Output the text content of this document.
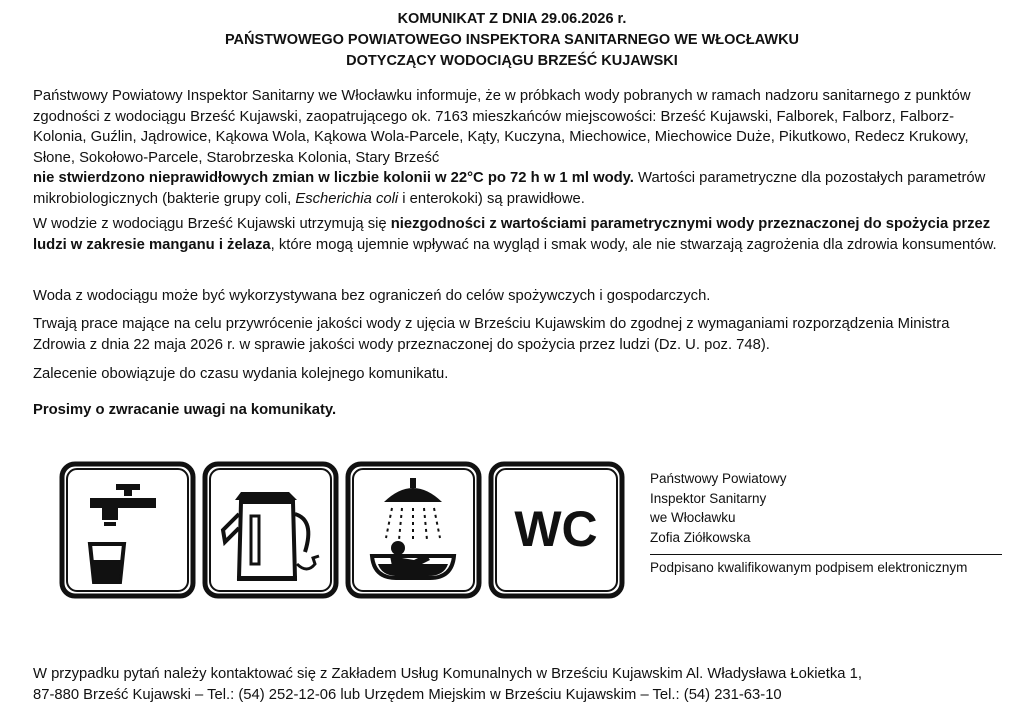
KOMUNIKAT Z DNIA 29.06.2026 r.
PAŃSTWOWEGO POWIATOWEGO INSPEKTORA SANITARNEGO WE WŁOCŁAWKU
DOTYCZĄCY WODOCIĄGU BRZEŚĆ KUJAWSKI

Państwowy Powiatowy Inspektor Sanitarny we Włocławku informuje, że w próbkach wody pobranych w ramach nadzoru sanitarnego z punktów zgodności z wodociągu Brześć Kujawski, zaopatrującego ok. 7163 mieszkańców miejscowości: Brześć Kujawski, Falborek, Falborz, Falborz-Kolonia, Guźlin, Jądrowice, Kąkowa Wola, Kąkowa Wola-Parcele, Kąty, Kuczyna, Miechowice, Miechowice Duże, Pikutkowo, Redecz Krukowy, Słone, Sokołowo-Parcele, Starobrzeska Kolonia, Stary Brześć
nie stwierdzono nieprawidłowych zmian w liczbie kolonii w 22°C po 72 h w 1 ml wody. Wartości parametryczne dla pozostałych parametrów mikrobiologicznych (bakterie grupy coli, Escherichia coli i enterokoki) są prawidłowe.

W wodzie z wodociągu Brześć Kujawski utrzymują się niezgodności z wartościami parametrycznymi wody przeznaczonej do spożycia przez ludzi w zakresie manganu i żelaza, które mogą ujemnie wpływać na wygląd i smak wody, ale nie stwarzają zagrożenia dla zdrowia konsumentów.

Woda z wodociągu może być wykorzystywana bez ograniczeń do celów spożywczych i gospodarczych.

Trwają prace mające na celu przywrócenie jakości wody z ujęcia w Brześciu Kujawskim do zgodnej z wymaganiami rozporządzenia Ministra Zdrowia z dnia 22 maja 2026 r. w sprawie jakości wody przeznaczonej do spożycia przez ludzi (Dz. U. poz. 748).

Zalecenie obowiązuje do czasu wydania kolejnego komunikatu.

Prosimy o zwracanie uwagi na komunikaty.

WC
Państwowy Powiatowy
Inspektor Sanitarny
we Włocławku
Zofia Ziółkowska
Podpisano kwalifikowanym podpisem elektronicznym

W przypadku pytań należy kontaktować się z Zakładem Usług Komunalnych w Brześciu Kujawskim Al. Władysława Łokietka 1,

87-880 Brześć Kujawski – Tel.: (54) 252-12-06 lub Urzędem Miejskim w Brześciu Kujawskim – Tel.: (54) 231-63-10
